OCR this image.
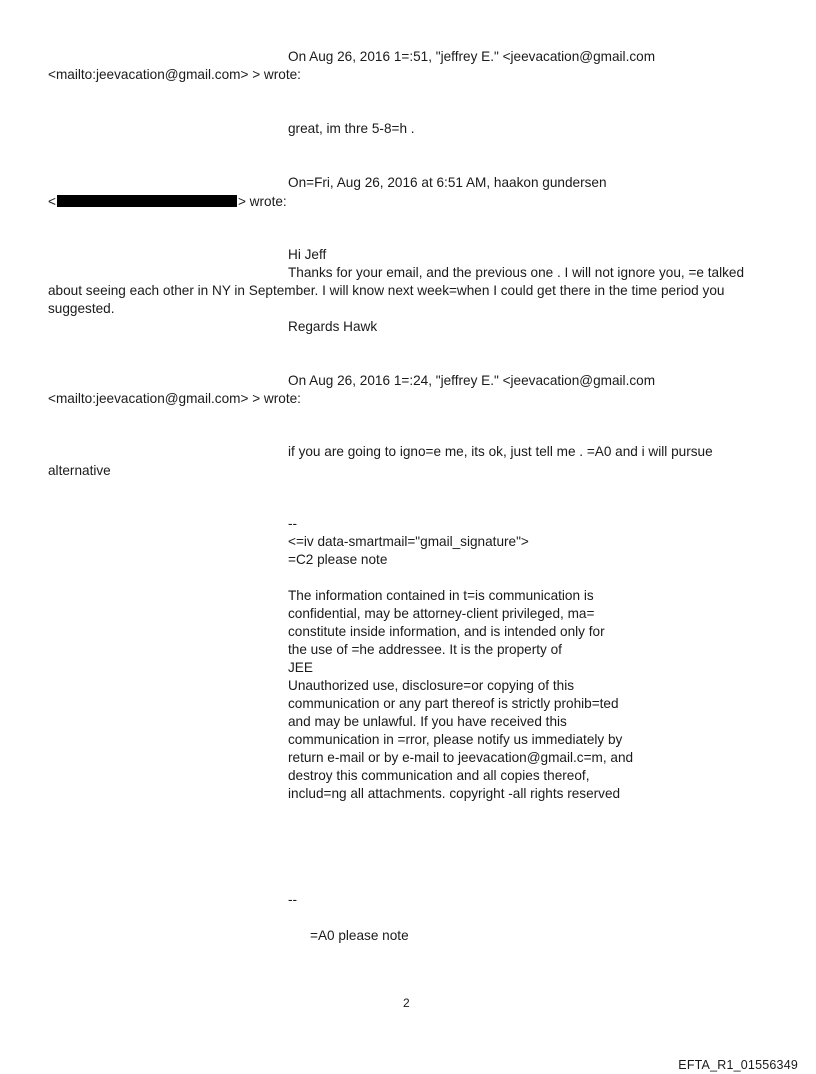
On Aug 26, 2016 1=:51, "jeffrey E." <jeevacation@gmail.com
<mailto:jeevacation@gmail.com> > wrote:
great, im thre 5-8=h .
On=Fri, Aug 26, 2016 at 6:51 AM, haakon gundersen
<	> wrote:
Hi Jeff
Thanks for your email, and the previous one . I will not ignore you, =e talked
about seeing each other in NY in September. I will know next week=when I could get there in the time period you
suggested.
Regards Hawk
On Aug 26, 2016 1=:24, "jeffrey E." <jeevacation@gmail.com
<mailto:jeevacation@gmail.com> > wrote:
if you are going to igno=e me, its ok, just tell me . =A0 and i will pursue
alternative
--
<=iv data-smartmail="gmail_signature">
=C2 please note
The information contained in t=is communication is
confidential, may be attorney-client privileged, ma=
constitute inside information, and is intended only for
the use of =he addressee. It is the property of
JEE
Unauthorized use, disclosure=or copying of this
communication or any part thereof is strictly prohib=ted
and may be unlawful. If you have received this
communication in =rror, please notify us immediately by
return e-mail or by e-mail to jeevacation@gmail.c=m, and
destroy this communication and all copies thereof,
includ=ng all attachments. copyright -all rights reserved
--
=A0 please note
2
EFTA_R1_01556349
